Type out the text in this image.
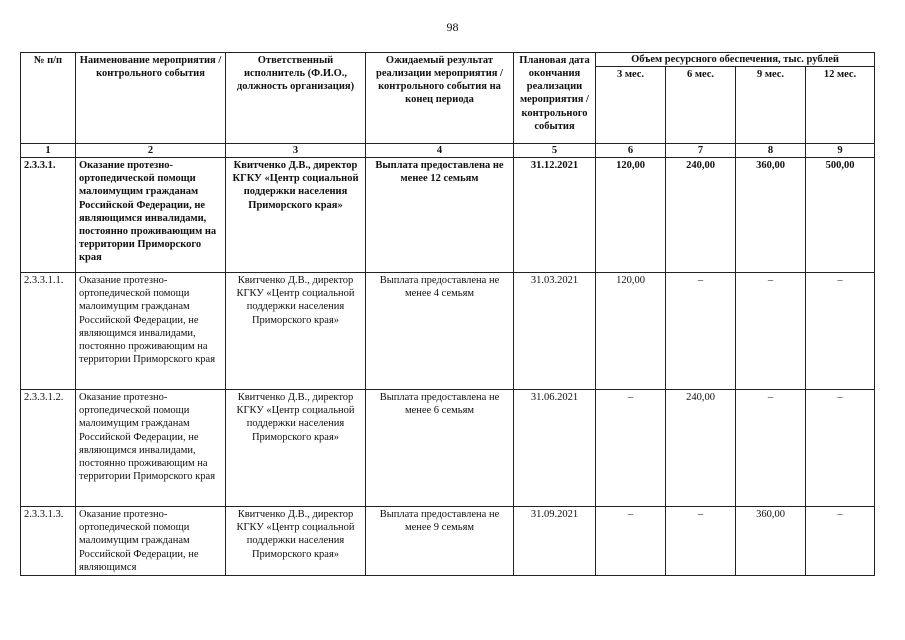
98
№ п/п	Наименование мероприятия / контрольного события	Ответственный исполнитель (Ф.И.О., должность организация)	Ожидаемый результат реализации мероприятия / контрольного события на конец периода	Плановая дата окончания реализации мероприятия / контрольного события	Объем ресурсного обеспечения, тыс. рублей			
					3 мес.	6 мес.	9 мес.	12 мес.
1	2	3	4	5	6	7	8	9
2.3.3.1.	Оказание протезно-ортопедической помощи малоимущим гражданам Российской Федерации, не являющимся инвалидами, постоянно проживающим на территории Приморского края	Квитченко Д.В., директор КГКУ «Центр социальной поддержки населения Приморского края»	Выплата предоставлена не менее 12 семьям	31.12.2021	120,00	240,00	360,00	500,00
2.3.3.1.1.	Оказание протезно-ортопедической помощи малоимущим гражданам Российской Федерации, не являющимся инвалидами, постоянно проживающим на территории Приморского края	Квитченко Д.В., директор КГКУ «Центр социальной поддержки населения Приморского края»	Выплата предоставлена не менее 4 семьям	31.03.2021	120,00	–	–	–
2.3.3.1.2.	Оказание протезно-ортопедической помощи малоимущим гражданам Российской Федерации, не являющимся инвалидами, постоянно проживающим на территории Приморского края	Квитченко Д.В., директор КГКУ «Центр социальной поддержки населения Приморского края»	Выплата предоставлена не менее 6 семьям	31.06.2021	–	240,00	–	–
2.3.3.1.3.	Оказание протезно-ортопедической помощи малоимущим гражданам Российской Федерации, не являющимся	Квитченко Д.В., директор КГКУ «Центр социальной поддержки населения Приморского края»	Выплата предоставлена не менее 9 семьям	31.09.2021	–	–	360,00	–
